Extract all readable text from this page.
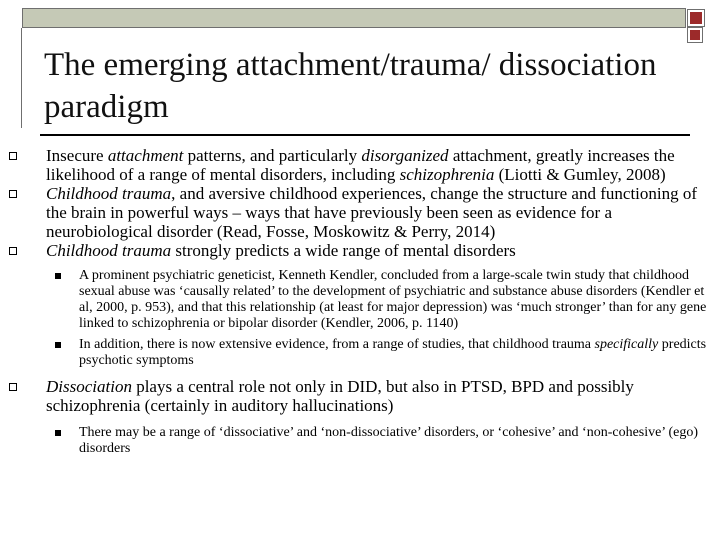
The emerging attachment/trauma/ dissociation paradigm
Insecure attachment patterns, and particularly disorganized attachment, greatly increases the likelihood of a range of mental disorders, including schizophrenia (Liotti & Gumley, 2008)
Childhood trauma, and aversive childhood experiences, change the structure and functioning of the brain in powerful ways – ways that have previously been seen as evidence for a neurobiological disorder (Read, Fosse, Moskowitz & Perry, 2014)
Childhood trauma strongly predicts a wide range of mental disorders
A prominent psychiatric geneticist, Kenneth Kendler, concluded from a large-scale twin study that childhood sexual abuse was ‘causally related’ to the development of psychiatric and substance abuse disorders (Kendler et al, 2000, p. 953), and that this relationship (at least for major depression) was ‘much stronger’ than for any gene linked to schizophrenia or bipolar disorder (Kendler, 2006, p. 1140)
In addition, there is now extensive evidence, from a range of studies, that childhood trauma specifically predicts psychotic symptoms
Dissociation plays a central role not only in DID, but also in PTSD, BPD and possibly schizophrenia (certainly in auditory hallucinations)
There may be a range of ‘dissociative’ and ‘non-dissociative’ disorders, or ‘cohesive’ and ‘non-cohesive’ (ego) disorders
